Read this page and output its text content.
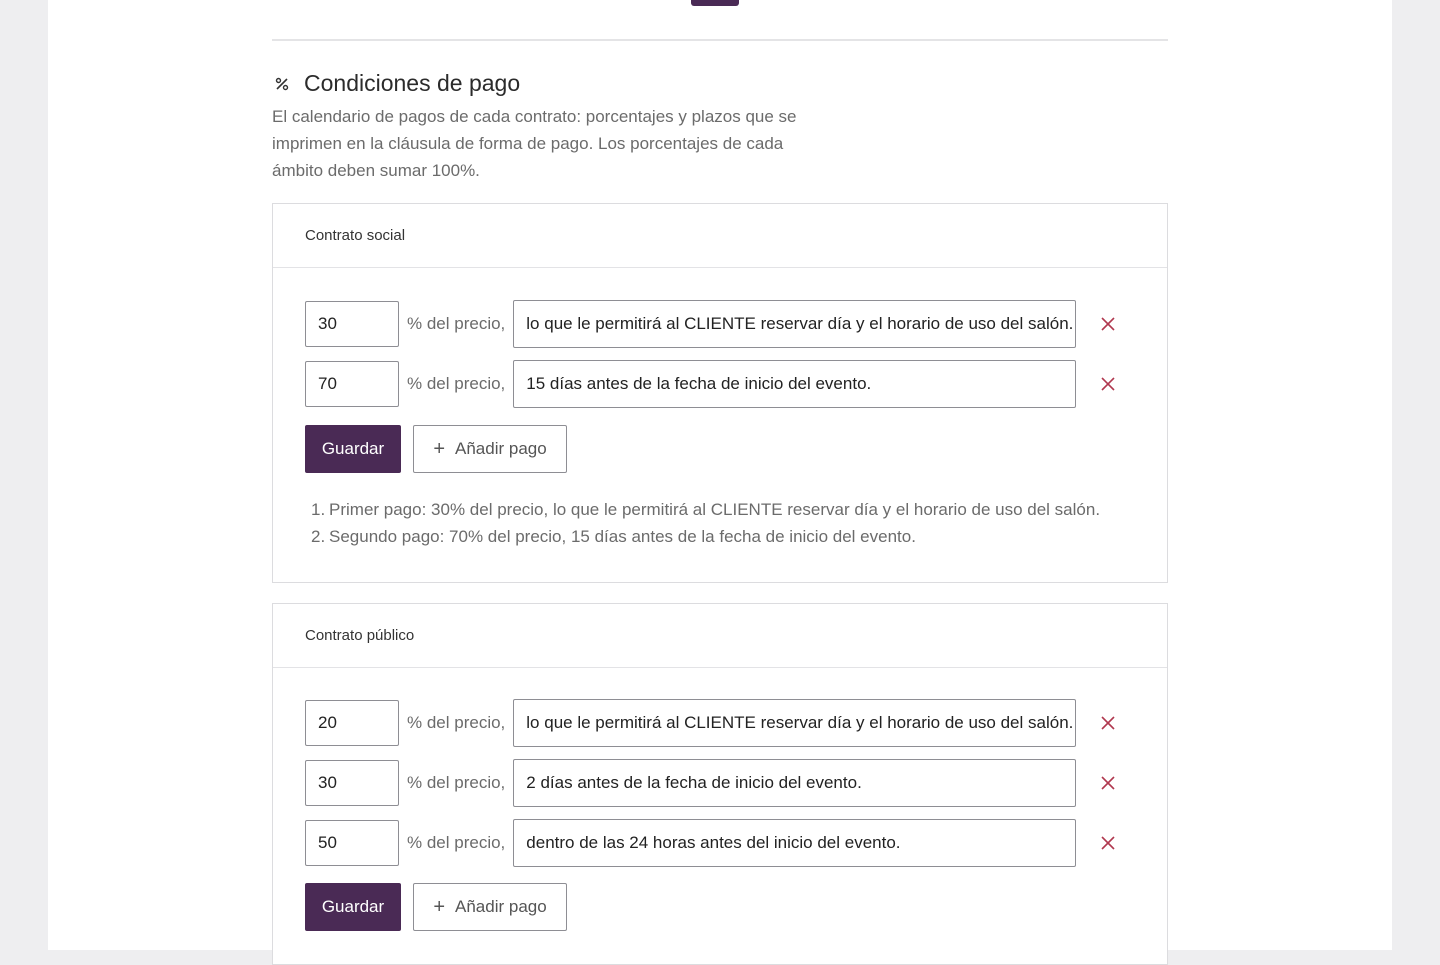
Condiciones de pago
El calendario de pagos de cada contrato: porcentajes y plazos que se imprimen en la cláusula de forma de pago. Los porcentajes de cada ámbito deben sumar 100%.
Contrato social
30
% del precio,
lo que le permitirá al CLIENTE reservar día y el horario de uso del salón.
70
% del precio,
15 días antes de la fecha de inicio del evento.
Guardar	+ Añadir pago
1. Primer pago: 30% del precio, lo que le permitirá al CLIENTE reservar día y el horario de uso del salón.
2. Segundo pago: 70% del precio, 15 días antes de la fecha de inicio del evento.
Contrato público
20
% del precio,
lo que le permitirá al CLIENTE reservar día y el horario de uso del salón.
30
% del precio,
2 días antes de la fecha de inicio del evento.
50
% del precio,
dentro de las 24 horas antes del inicio del evento.
Guardar	+ Añadir pago
